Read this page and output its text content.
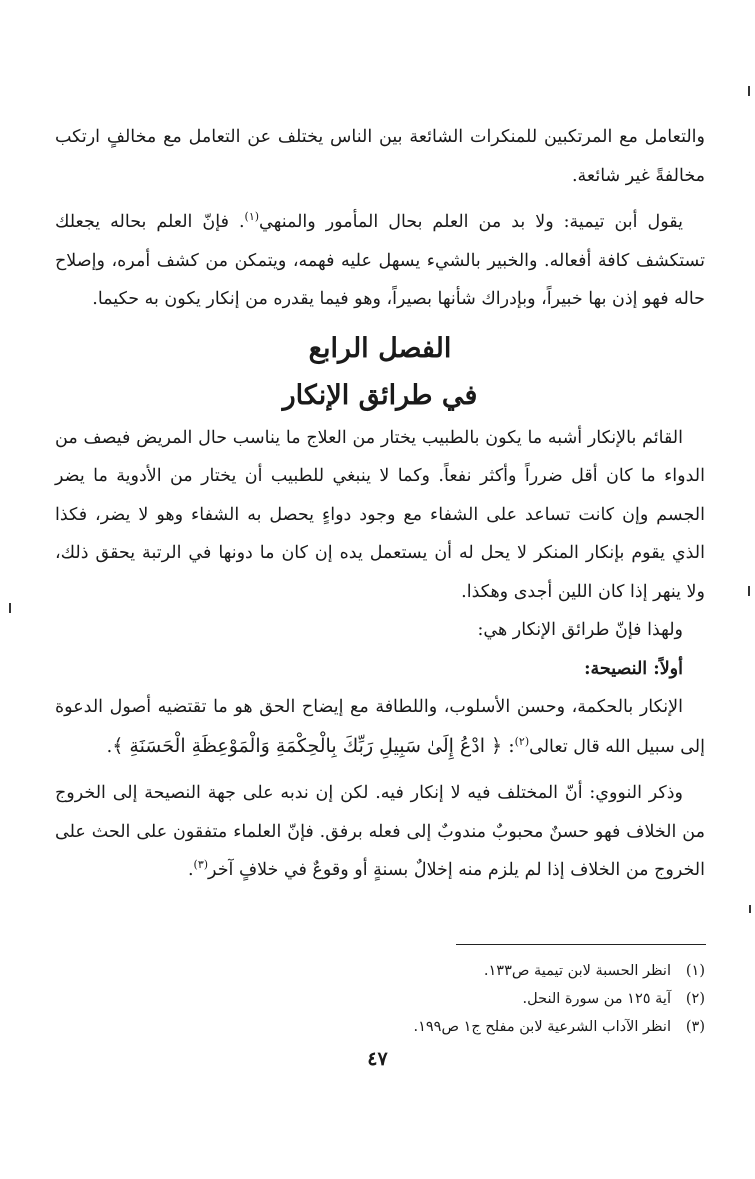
والتعامل مع المرتكبين للمنكرات الشائعة بين الناس يختلف عن التعامل مع مخالفٍ ارتكب مخالفةً غير شائعة.

يقول أبن تيمية: ولا بد من العلم بحال المأمور والمنهي$^{(١)}$. فإنّ العلم بحاله يجعلك تستكشف كافة أفعاله. والخبير بالشيء يسهل عليه فهمه، ويتمكن من كشف أمره، وإصلاح حاله فهو إذن بها خبيراً، وبإدراك شأنها بصيراً، وهو فيما يقدره من إنكار يكون به حكيما.

الفصل الرابع
في طرائق الإنكار

القائم بالإنكار أشبه ما يكون بالطبيب يختار من العلاج ما يناسب حال المريض فيصف من الدواء ما كان أقل ضرراً وأكثر نفعاً. وكما لا ينبغي للطبيب أن يختار من الأدوية ما يضر الجسم وإن كانت تساعد على الشفاء مع وجود دواءٍ يحصل به الشفاء وهو لا يضر، فكذا الذي يقوم بإنكار المنكر لا يحل له أن يستعمل يده إن كان ما دونها في الرتبة يحقق ذلك، ولا ينهر إذا كان اللين أجدى وهكذا.

ولهذا فإنّ طرائق الإنكار هي:

أولاً: النصيحة:

الإنكار بالحكمة، وحسن الأسلوب، واللطافة مع إيضاح الحق هو ما تقتضيه أصول الدعوة إلى سبيل الله قال تعالى$^{(٢)}$: ﴿ ادْعُ إِلَىٰ سَبِيلِ رَبِّكَ بِالْحِكْمَةِ وَالْمَوْعِظَةِ الْحَسَنَةِ ﴾.

وذكر النووي: أنّ المختلف فيه لا إنكار فيه. لكن إن ندبه على جهة النصيحة إلى الخروج من الخلاف فهو حسنٌ محبوبٌ مندوبٌ إلى فعله برفق. فإنّ العلماء متفقون على الحث على الخروج من الخلاف إذا لم يلزم منه إخلالٌ بسنةٍ أو وقوعٌ في خلافٍ آخر$^{(٣)}$.

(١)انظر الحسبة لابن تيمية ص١٣٣.
(٢)آية ١٢٥ من سورة النحل.
(٣)انظر الآداب الشرعية لابن مفلح ج١ ص١٩٩.
٤٧
